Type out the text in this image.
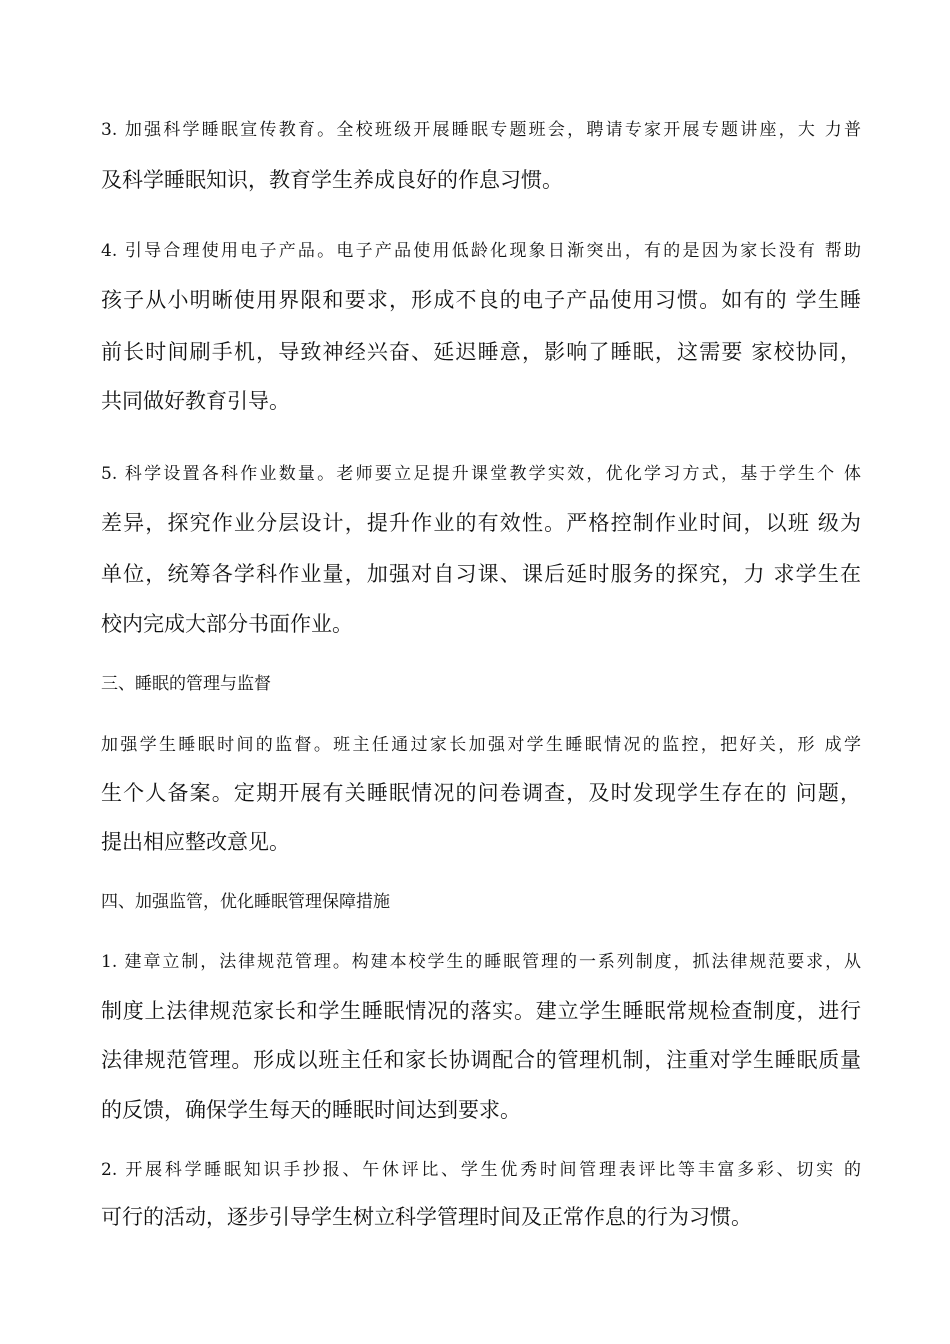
3. 加强科学睡眠宣传教育。全校班级开展睡眠专题班会，聘请专家开展专题讲座，大 力普
及科学睡眠知识，教育学生养成良好的作息习惯。
4. 引导合理使用电子产品。电子产品使用低龄化现象日渐突出，有的是因为家长没有 帮助
孩子从小明晰使用界限和要求，形成不良的电子产品使用习惯。如有的 学生睡
前长时间刷手机，导致神经兴奋、延迟睡意，影响了睡眠，这需要 家校协同，
共同做好教育引导。
5. 科学设置各科作业数量。老师要立足提升课堂教学实效，优化学习方式，基于学生个 体
差异，探究作业分层设计，提升作业的有效性。严格控制作业时间，以班 级为
单位，统筹各学科作业量，加强对自习课、课后延时服务的探究，力 求学生在
校内完成大部分书面作业。
三、睡眠的管理与监督
加强学生睡眠时间的监督。班主任通过家长加强对学生睡眠情况的监控，把好关，形 成学
生个人备案。定期开展有关睡眠情况的问卷调查，及时发现学生存在的 问题，
提出相应整改意见。
四、加强监管，优化睡眠管理保障措施
1. 建章立制，法律规范管理。构建本校学生的睡眠管理的一系列制度，抓法律规范要求，从
制度上法律规范家长和学生睡眠情况的落实。建立学生睡眠常规检查制度，进行
法律规范管理。形成以班主任和家长协调配合的管理机制，注重对学生睡眠质量
的反馈，确保学生每天的睡眠时间达到要求。
2. 开展科学睡眠知识手抄报、午休评比、学生优秀时间管理表评比等丰富多彩、切实 的
可行的活动，逐步引导学生树立科学管理时间及正常作息的行为习惯。
